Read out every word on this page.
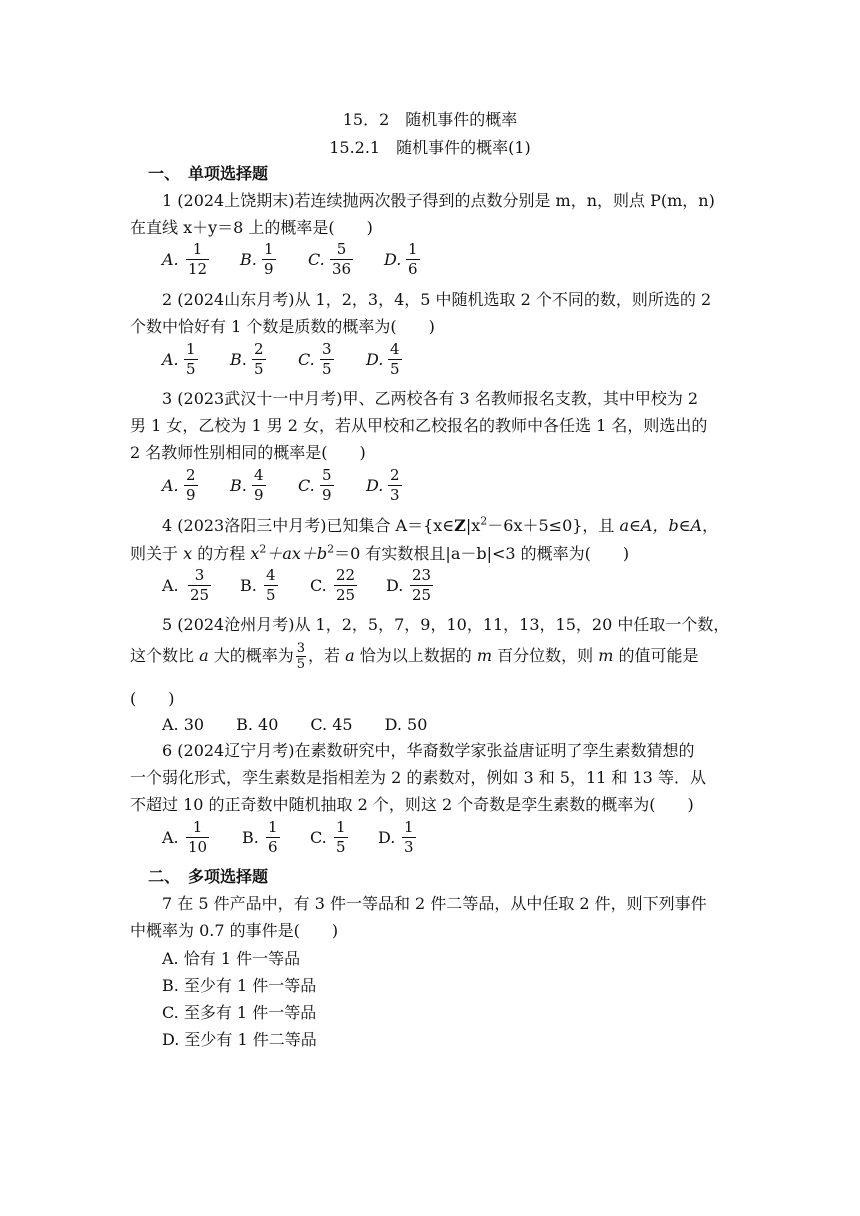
15．2　随机事件的概率
15.2.1　随机事件的概率(1)
一、　单项选择题
1 (2024上饶期末)若连续抛两次骰子得到的点数分别是 m，n，则点 P(m，n)
在直线 x＋y＝8 上的概率是(　　)
A. $\frac{1}{12} B$. $\frac{1}{9} C$. $\frac{5}{36} D$. $\frac{1}{6}$
2 (2024山东月考)从 1，2，3，4，5 中随机选取 2 个不同的数，则所选的 2
个数中恰好有 1 个数是质数的概率为(　　)
A. $\frac{1}{5} B$. $\frac{2}{5} C$. $\frac{3}{5} D$. $\frac{4}{5}$
3 (2023武汉十一中月考)甲、乙两校各有 3 名教师报名支教，其中甲校为 2
男 1 女，乙校为 1 男 2 女，若从甲校和乙校报名的教师中各任选 1 名，则选出的
2 名教师性别相同的概率是(　　)
A. $\frac{2}{9} B$. $\frac{4}{9} C$. $\frac{5}{9} D$. $\frac{2}{3}$
4 (2023洛阳三中月考)已知集合 $A=\{x\in Z|x^2-6x+5\le 0\}$，且 a∈A，b∈A，
则关于 x 的方程 $x^2+ax+b^2=0$ 有实数根且|a－b|<3 的概率为(　　)
A. $\frac{3}{25} B$. $\frac{4}{5} C$. $\frac{22}{25} D$. $\frac{23}{25}$
5 (2024沧州月考)从 1，2，5，7，9，10，11，13，15，20 中任取一个数，
这个数比 a 大的概率为 $\frac{3}{5}$ ，若 a 恰为以上数据的 m 百分位数，则 m 的值可能是
(　　)
A. 30　　B. 40　　C. 45　　D. 50
6 (2024辽宁月考)在素数研究中，华裔数学家张益唐证明了孪生素数猜想的
一个弱化形式，孪生素数是指相差为 2 的素数对，例如 3 和 5，11 和 13 等．从
不超过 10 的正奇数中随机抽取 2 个，则这 2 个奇数是孪生素数的概率为(　　)
A. $\frac{1}{10} B$. $\frac{1}{6} C$. $\frac{1}{5} D$. $\frac{1}{3}$
二、　多项选择题
7 在 5 件产品中，有 3 件一等品和 2 件二等品，从中任取 2 件，则下列事件
中概率为 0.7 的事件是(　　)
A. 恰有 1 件一等品
B. 至少有 1 件一等品
C. 至多有 1 件一等品
D. 至少有 1 件二等品
